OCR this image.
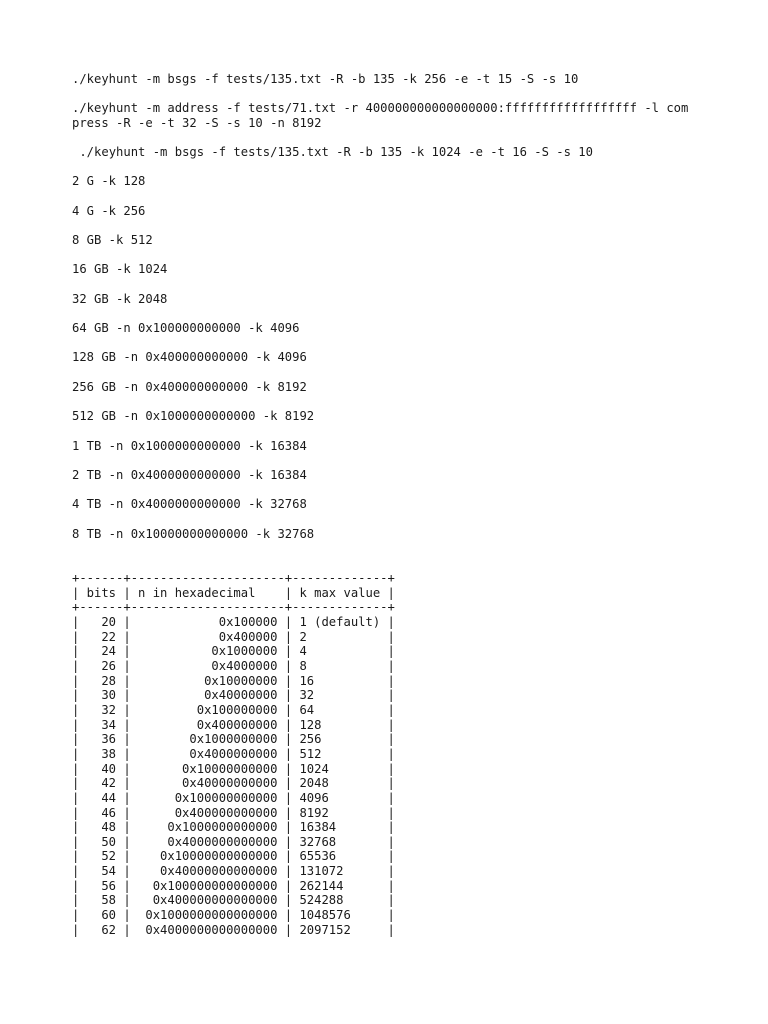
./keyhunt -m bsgs -f tests/135.txt -R -b 135 -k 256 -e -t 15 -S -s 10

./keyhunt -m address -f tests/71.txt -r 400000000000000000:ffffffffffffffffff -l compress -R -e -t 32 -S -s 10 -n 8192

./keyhunt -m bsgs -f tests/135.txt -R -b 135 -k 1024 -e -t 16 -S -s 10

2 G -k 128

4 G -k 256

8 GB -k 512

16 GB -k 1024

32 GB -k 2048

64 GB -n 0x100000000000 -k 4096

128 GB -n 0x400000000000 -k 4096

256 GB -n 0x400000000000 -k 8192

512 GB -n 0x1000000000000 -k 8192

1 TB -n 0x1000000000000 -k 16384

2 TB -n 0x4000000000000 -k 16384

4 TB -n 0x4000000000000 -k 32768

8 TB -n 0x10000000000000 -k 32768

+------+---------------------+-------------+
| bits | n in hexadecimal    | k max value |
+------+---------------------+-------------+
|   20 |            0x100000 | 1 (default) |
|   22 |            0x400000 | 2           |
|   24 |           0x1000000 | 4           |
|   26 |           0x4000000 | 8           |
|   28 |          0x10000000 | 16          |
|   30 |          0x40000000 | 32          |
|   32 |         0x100000000 | 64          |
|   34 |         0x400000000 | 128         |
|   36 |        0x1000000000 | 256         |
|   38 |        0x4000000000 | 512         |
|   40 |       0x10000000000 | 1024        |
|   42 |       0x40000000000 | 2048        |
|   44 |      0x100000000000 | 4096        |
|   46 |      0x400000000000 | 8192        |
|   48 |     0x1000000000000 | 16384       |
|   50 |     0x4000000000000 | 32768       |
|   52 |    0x10000000000000 | 65536       |
|   54 |    0x40000000000000 | 131072      |
|   56 |   0x100000000000000 | 262144      |
|   58 |   0x400000000000000 | 524288      |
|   60 |  0x1000000000000000 | 1048576     |
|   62 |  0x4000000000000000 | 2097152     |
